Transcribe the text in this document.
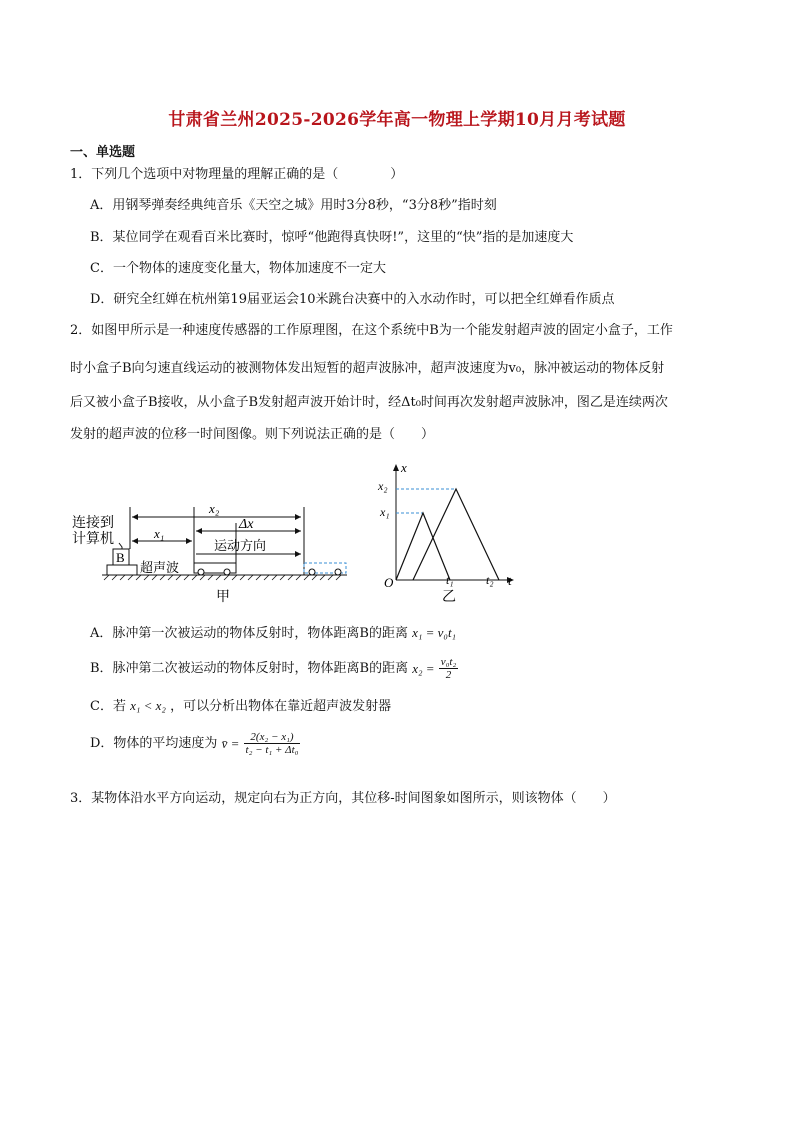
甘肃省兰州2025-2026学年高一物理上学期10月月考试题
一、单选题
1．下列几个选项中对物理量的理解正确的是（　　　　）
A．用钢琴弹奏经典纯音乐《天空之城》用时3分8秒，“3分8秒”指时刻
B．某位同学在观看百米比赛时，惊呼“他跑得真快呀!”，这里的“快”指的是加速度大
C．一个物体的速度变化量大，物体加速度不一定大
D．研究全红婵在杭州第19届亚运会10米跳台决赛中的入水动作时，可以把全红婵看作质点
2．如图甲所示是一种速度传感器的工作原理图，在这个系统中B为一个能发射超声波的固定小盒子，工作
时小盒子B向匀速直线运动的被测物体发出短暂的超声波脉冲，超声波速度为v₀，脉冲被运动的物体反射
后又被小盒子B接收，从小盒子B发射超声波开始计时，经Δt₀时间再次发射超声波脉冲，图乙是连续两次
发射的超声波的位移一时间图像。则下列说法正确的是（　　）
连接到
计算机
B
x₂
Δx
x₁
运动方向
超声波
甲
x
t
O
x₂
x₁
t₁	t₂
乙
A．脉冲第一次被运动的物体反射时，物体距离B的距离 x₁ = v₀t₁
B．脉冲第二次被运动的物体反射时，物体距离B的距离 $x_2 = \frac{\text{v₀t₂}}{2}$
C．若 x₁ < x₂ ，可以分析出物体在靠近超声波发射器
D．物体的平均速度为 v̄ = $\frac{\text{2(x₂ − x₁)}}{\text{t₂ − t₁ + Δt₀}}$
3．某物体沿水平方向运动，规定向右为正方向，其位移-时间图象如图所示，则该物体（　　）
